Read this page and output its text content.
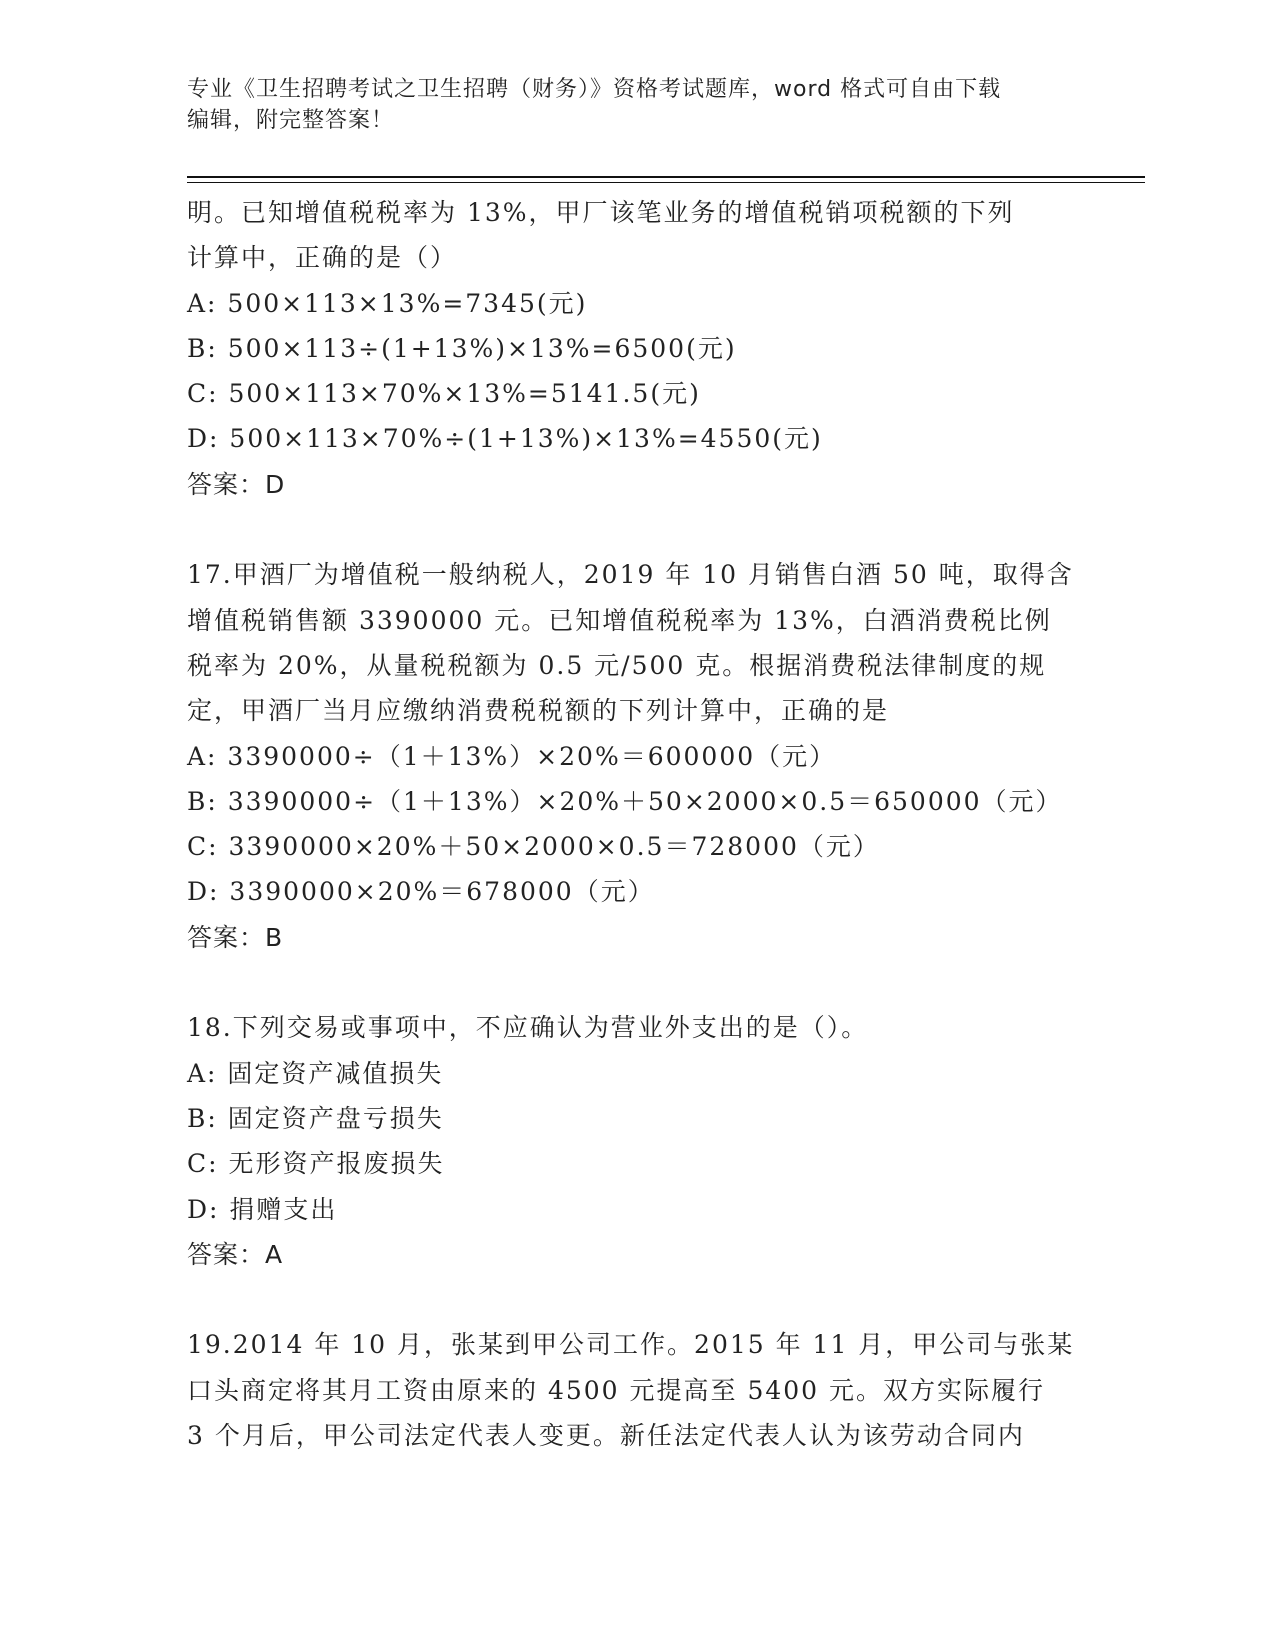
专业《卫生招聘考试之卫生招聘（财务）》资格考试题库，word 格式可自由下载
编辑，附完整答案！
明。已知增值税税率为 13%，甲厂该笔业务的增值税销项税额的下列
计算中，正确的是（）
A: 500×113×13%=7345(元)
B: 500×113÷(1+13%)×13%=6500(元)
C: 500×113×70%×13%=5141.5(元)
D: 500×113×70%÷(1+13%)×13%=4550(元)
答案：D
17.甲酒厂为增值税一般纳税人，2019 年 10 月销售白酒 50 吨，取得含
增值税销售额 3390000 元。已知增值税税率为 13%，白酒消费税比例
税率为 20%，从量税税额为 0.5 元/500 克。根据消费税法律制度的规
定，甲酒厂当月应缴纳消费税税额的下列计算中，正确的是
A: 3390000÷（1＋13%）×20%＝600000（元）
B: 3390000÷（1＋13%）×20%＋50×2000×0.5＝650000（元）
C: 3390000×20%＋50×2000×0.5＝728000（元）
D: 3390000×20%＝678000（元）
答案：B
18.下列交易或事项中，不应确认为营业外支出的是（）。
A: 固定资产减值损失
B: 固定资产盘亏损失
C: 无形资产报废损失
D: 捐赠支出
答案：A
19.2014 年 10 月，张某到甲公司工作。2015 年 11 月，甲公司与张某
口头商定将其月工资由原来的 4500 元提高至 5400 元。双方实际履行
3 个月后，甲公司法定代表人变更。新任法定代表人认为该劳动合同内
